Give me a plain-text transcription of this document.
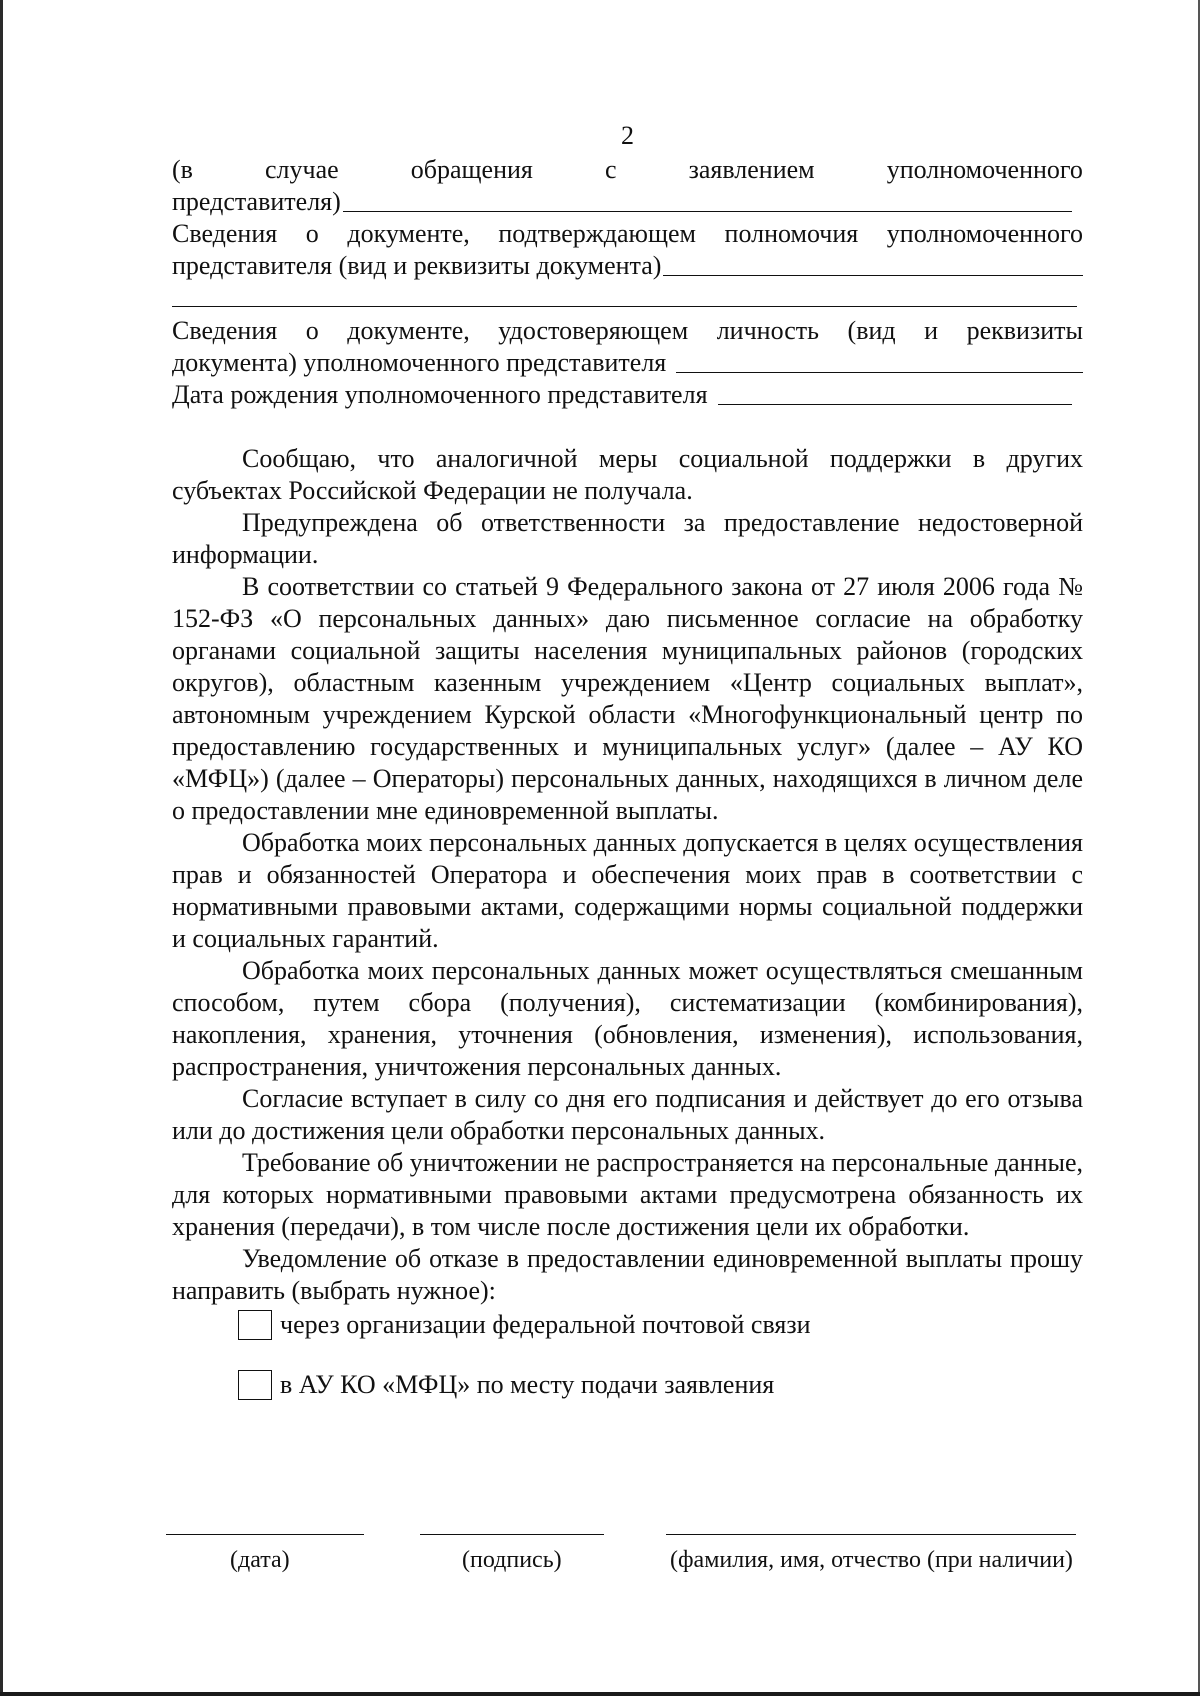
2
(в	случае	обращения	с	заявлением	уполномоченного
представителя)
Сведения о документе, подтверждающем полномочия уполномоченного
представителя (вид и реквизиты документа)
Сведения о документе, удостоверяющем личность (вид и реквизиты
документа) уполномоченного представителя
Дата рождения уполномоченного представителя
Сообщаю, что аналогичной меры социальной поддержки в других субъектах Российской Федерации не получала.
Предупреждена об ответственности за предоставление недостоверной информации.
В соответствии со статьей 9 Федерального закона от 27 июля 2006 года № 152-ФЗ «О персональных данных» даю письменное согласие на обработку органами социальной защиты населения муниципальных районов (городских округов), областным казенным учреждением «Центр социальных выплат», автономным учреждением Курской области «Многофункциональный центр по предоставлению государственных и муниципальных услуг» (далее – АУ КО «МФЦ») (далее – Операторы) персональных данных, находящихся в личном деле о предоставлении мне единовременной выплаты.
Обработка моих персональных данных допускается в целях осуществления прав и обязанностей Оператора и обеспечения моих прав в соответствии с нормативными правовыми актами, содержащими нормы социальной поддержки и социальных гарантий.
Обработка моих персональных данных может осуществляться смешанным способом, путем сбора (получения), систематизации (комбинирования), накопления, хранения, уточнения (обновления, изменения), использования, распространения, уничтожения персональных данных.
Согласие вступает в силу со дня его подписания и действует до его отзыва или до достижения цели обработки персональных данных.
Требование об уничтожении не распространяется на персональные данные, для которых нормативными правовыми актами предусмотрена обязанность их хранения (передачи), в том числе после достижения цели их обработки.
Уведомление об отказе в предоставлении единовременной выплаты прошу направить (выбрать нужное):
через организации федеральной почтовой связи
в АУ КО «МФЦ» по месту подачи заявления
(дата)	(подпись)	(фамилия, имя, отчество (при наличии)
